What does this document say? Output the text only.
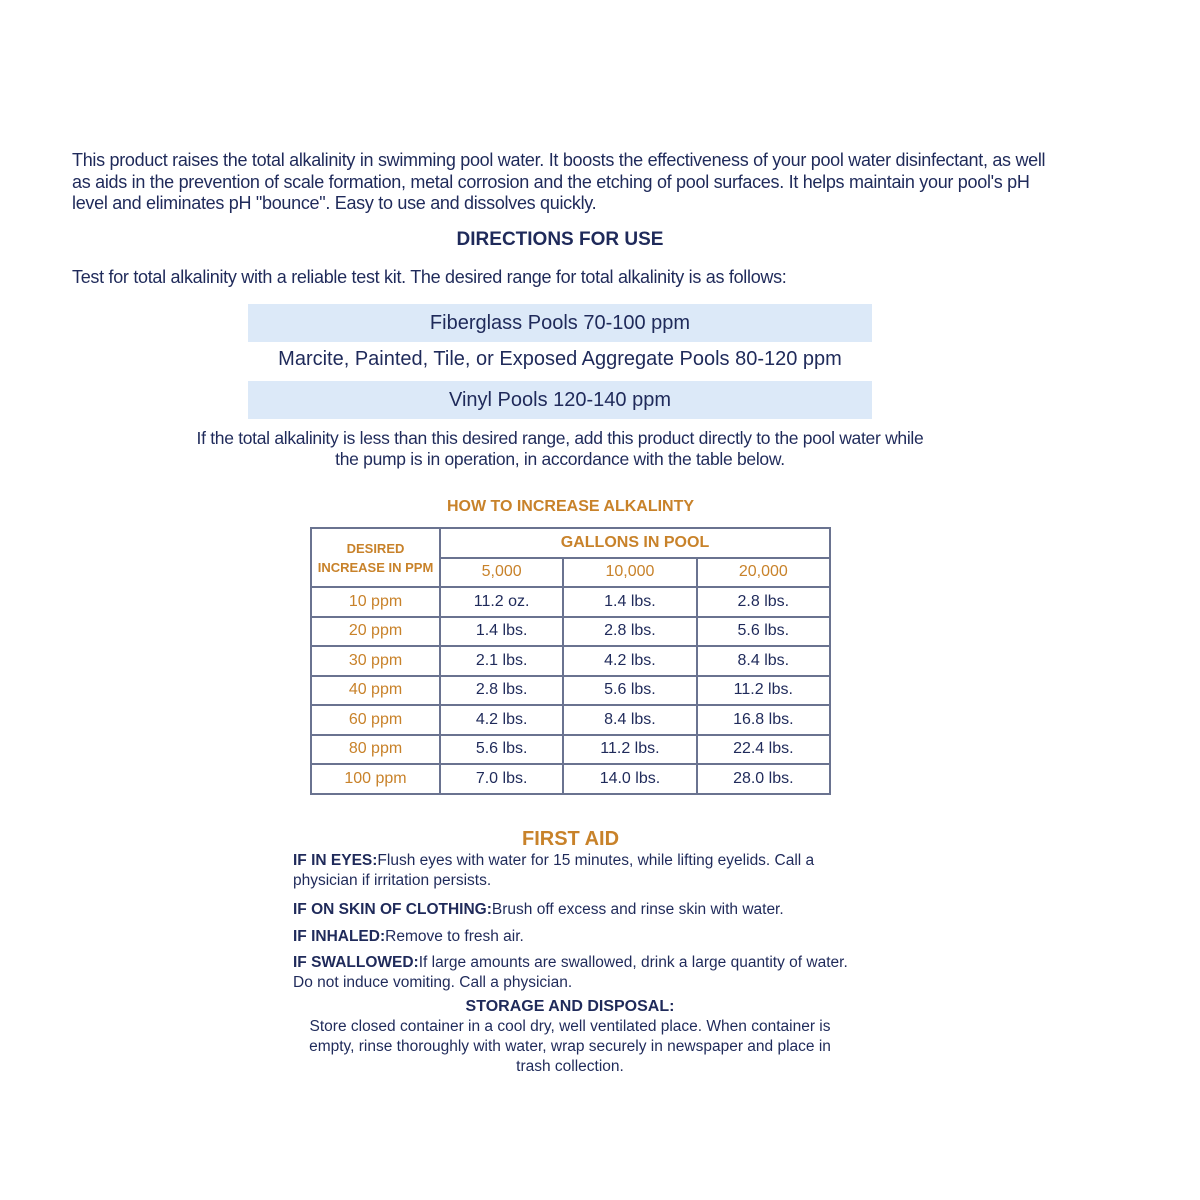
This product raises the total alkalinity in swimming pool water. It boosts the effectiveness of your pool water disinfectant, as well as aids in the prevention of scale formation, metal corrosion and the etching of pool surfaces. It helps maintain your pool's pH level and eliminates pH "bounce". Easy to use and dissolves quickly.
DIRECTIONS FOR USE
Test for total alkalinity with a reliable test kit. The desired range for total alkalinity is as follows:
Fiberglass Pools 70-100 ppm
Marcite, Painted, Tile, or Exposed Aggregate Pools 80-120 ppm
Vinyl Pools 120-140 ppm
If the total alkalinity is less than this desired range, add this product directly to the pool water while the pump is in operation, in accordance with the table below.
HOW TO INCREASE ALKALINTY
DESIRED INCREASE IN PPM	GALLONS IN POOL		
	5,000	10,000	20,000
10 ppm	11.2 oz.	1.4 lbs.	2.8 lbs.
20 ppm	1.4 lbs.	2.8 lbs.	5.6 lbs.
30 ppm	2.1 lbs.	4.2 lbs.	8.4 lbs.
40 ppm	2.8 lbs.	5.6 lbs.	11.2 lbs.
60 ppm	4.2 lbs.	8.4 lbs.	16.8 lbs.
80 ppm	5.6 lbs.	11.2 lbs.	22.4 lbs.
100 ppm	7.0 lbs.	14.0 lbs.	28.0 lbs.
FIRST AID
IF IN EYES:Flush eyes with water for 15 minutes, while lifting eyelids. Call a physician if irritation persists.
IF ON SKIN OF CLOTHING:Brush off excess and rinse skin with water.
IF INHALED:Remove to fresh air.
IF SWALLOWED:If large amounts are swallowed, drink a large quantity of water. Do not induce vomiting. Call a physician.
STORAGE AND DISPOSAL:
Store closed container in a cool dry, well ventilated place. When container is empty, rinse thoroughly with water, wrap securely in newspaper and place in trash collection.
